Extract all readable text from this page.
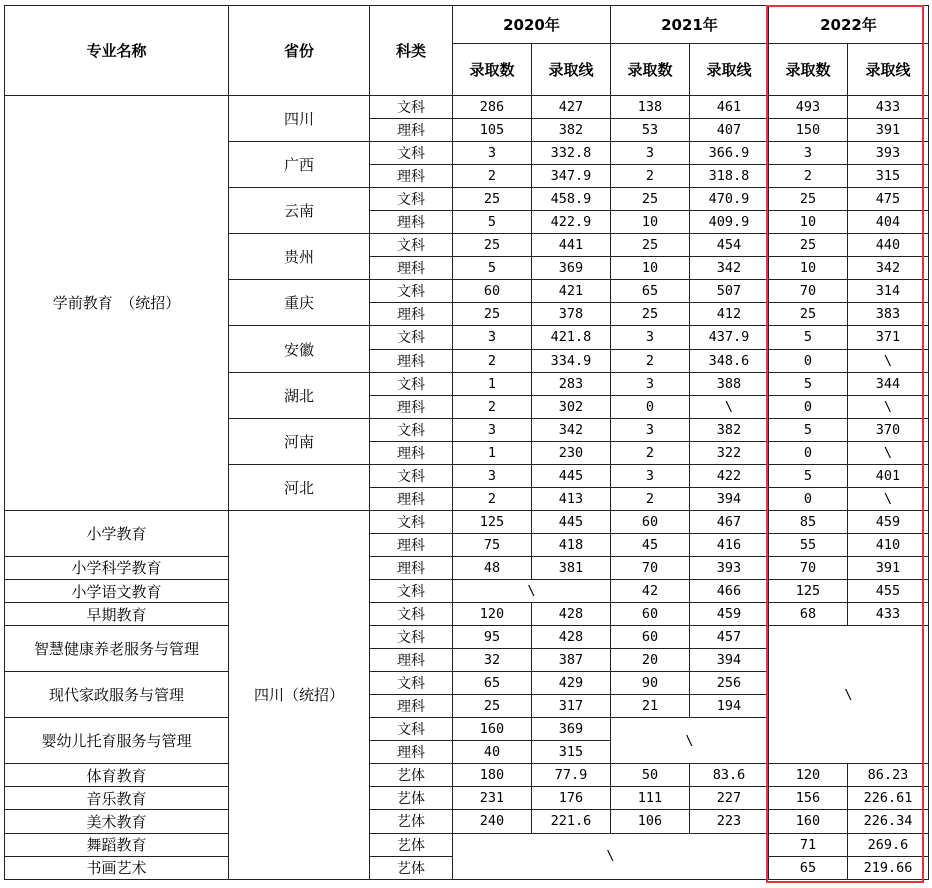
专业名称	省份	科类	2020年		2021年		2022年	
			录取数	录取线	录取数	录取线	录取数	录取线
学前教育　（统招）	四川	文科	286	427	138	461	493	433
		理科	105	382	53	407	150	391
	广西	文科	3	332.8	3	366.9	3	393
		理科	2	347.9	2	318.8	2	315
	云南	文科	25	458.9	25	470.9	25	475
		理科	5	422.9	10	409.9	10	404
	贵州	文科	25	441	25	454	25	440
		理科	5	369	10	342	10	342
	重庆	文科	60	421	65	507	70	314
		理科	25	378	25	412	25	383
	安徽	文科	3	421.8	3	437.9	5	371
		理科	2	334.9	2	348.6	0	\
	湖北	文科	1	283	3	388	5	344
		理科	2	302	0	\	0	\
	河南	文科	3	342	3	382	5	370
		理科	1	230	2	322	0	\
	河北	文科	3	445	3	422	5	401
		理科	2	413	2	394	0	\
小学教育	四川（统招）	文科	125	445	60	467	85	459
		理科	75	418	45	416	55	410
小学科学教育		理科	48	381	70	393	70	391
小学语文教育		文科	\		42	466	125	455
早期教育		文科	120	428	60	459	68	433
智慧健康养老服务与管理		文科	95	428	60	457	\	
		理科	32	387	20	394		
现代家政服务与管理		文科	65	429	90	256		
		理科	25	317	21	194		
婴幼儿托育服务与管理		文科	160	369	\			
		理科	40	315				
体育教育		艺体	180	77.9	50	83.6	120	86.23
音乐教育		艺体	231	176	111	227	156	226.61
美术教育		艺体	240	221.6	106	223	160	226.34
舞蹈教育		艺体	\				71	269.6
书画艺术		艺体					65	219.66
